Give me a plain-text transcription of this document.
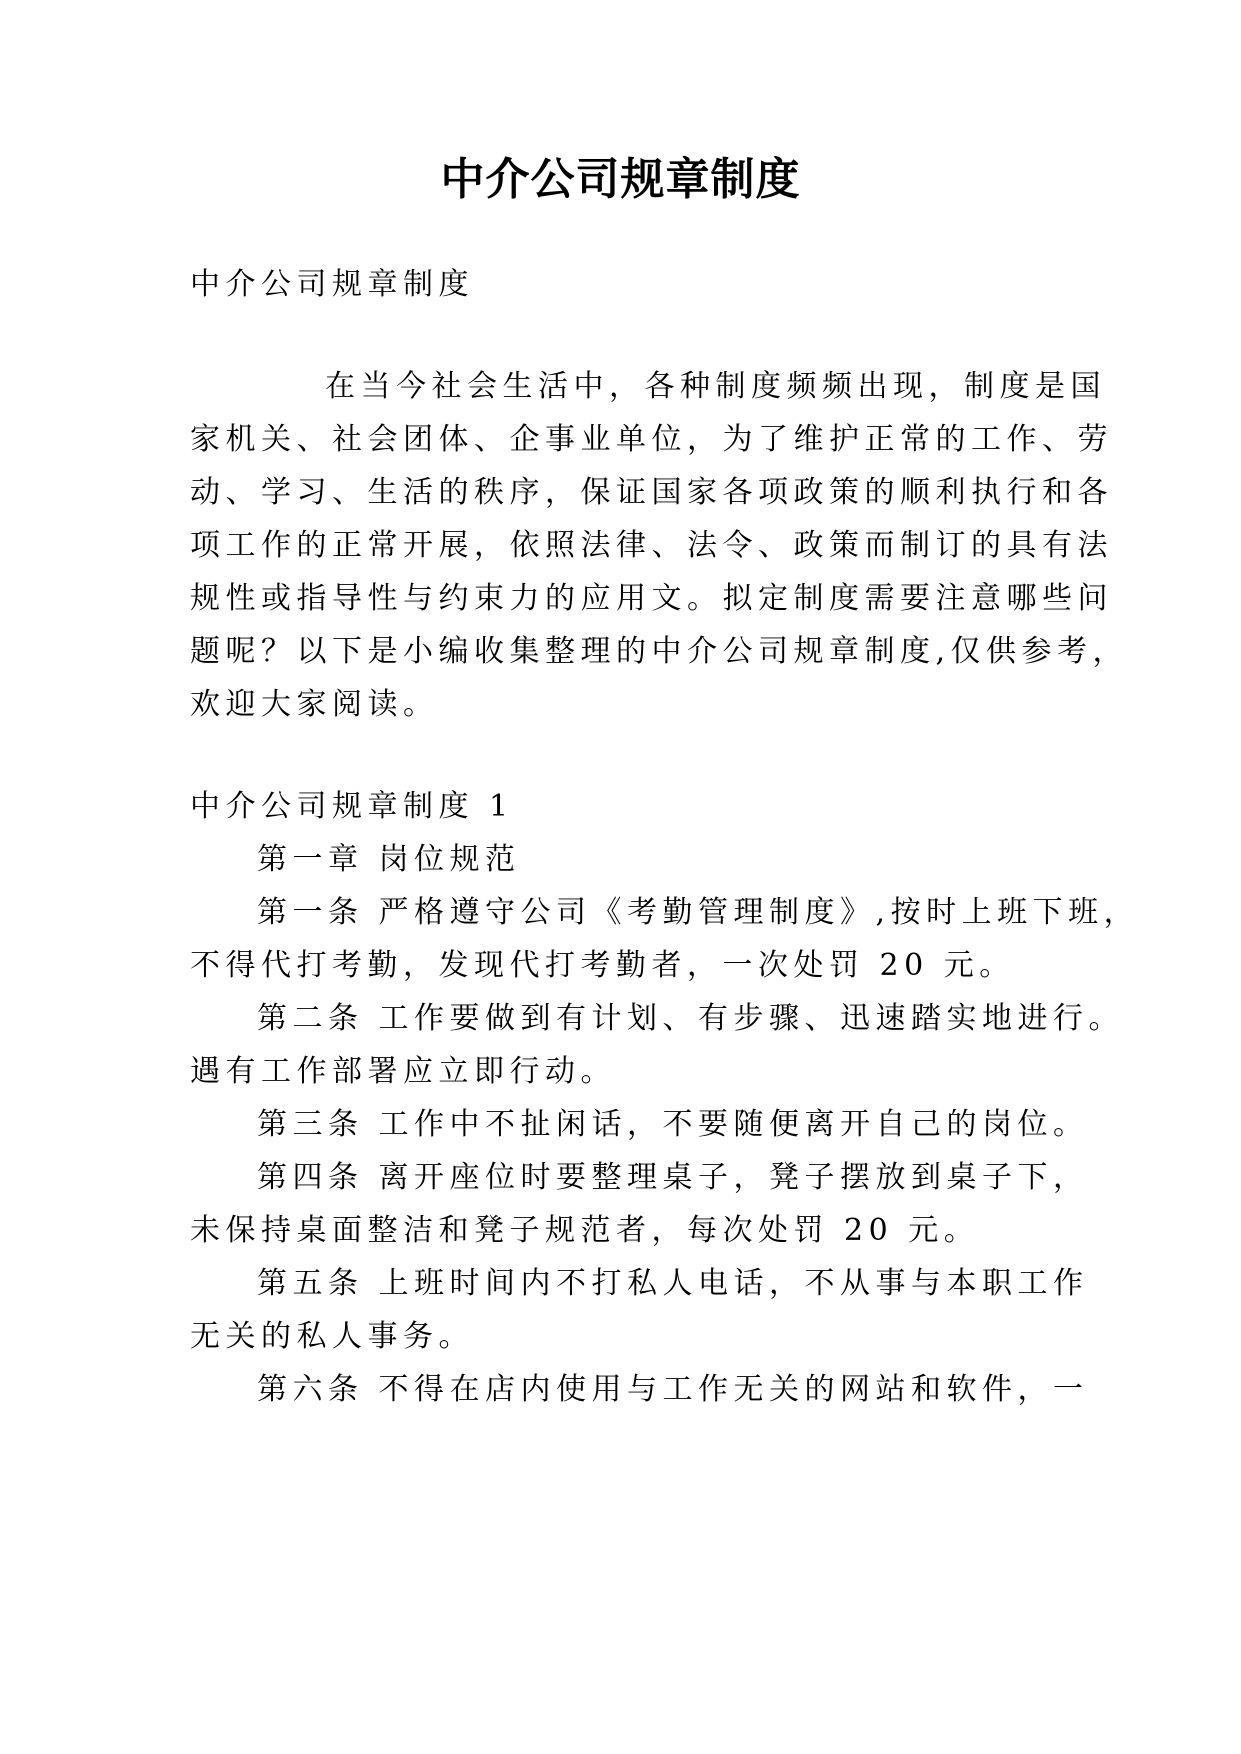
中介公司规章制度
中介公司规章制度
在当今社会生活中，各种制度频频出现，制度是国
家机关、社会团体、企事业单位，为了维护正常的工作、劳
动、学习、生活的秩序，保证国家各项政策的顺利执行和各
项工作的正常开展，依照法律、法令、政策而制订的具有法
规性或指导性与约束力的应用文。拟定制度需要注意哪些问
题呢？以下是小编收集整理的中介公司规章制度,仅供参考，
欢迎大家阅读。
中介公司规章制度 1
第一章 岗位规范
第一条 严格遵守公司《考勤管理制度》,按时上班下班，
不得代打考勤，发现代打考勤者，一次处罚 20 元。
第二条 工作要做到有计划、有步骤、迅速踏实地进行。
遇有工作部署应立即行动。
第三条 工作中不扯闲话，不要随便离开自己的岗位。
第四条 离开座位时要整理桌子，凳子摆放到桌子下，
未保持桌面整洁和凳子规范者，每次处罚 20 元。
第五条 上班时间内不打私人电话，不从事与本职工作
无关的私人事务。
第六条 不得在店内使用与工作无关的网站和软件，一
